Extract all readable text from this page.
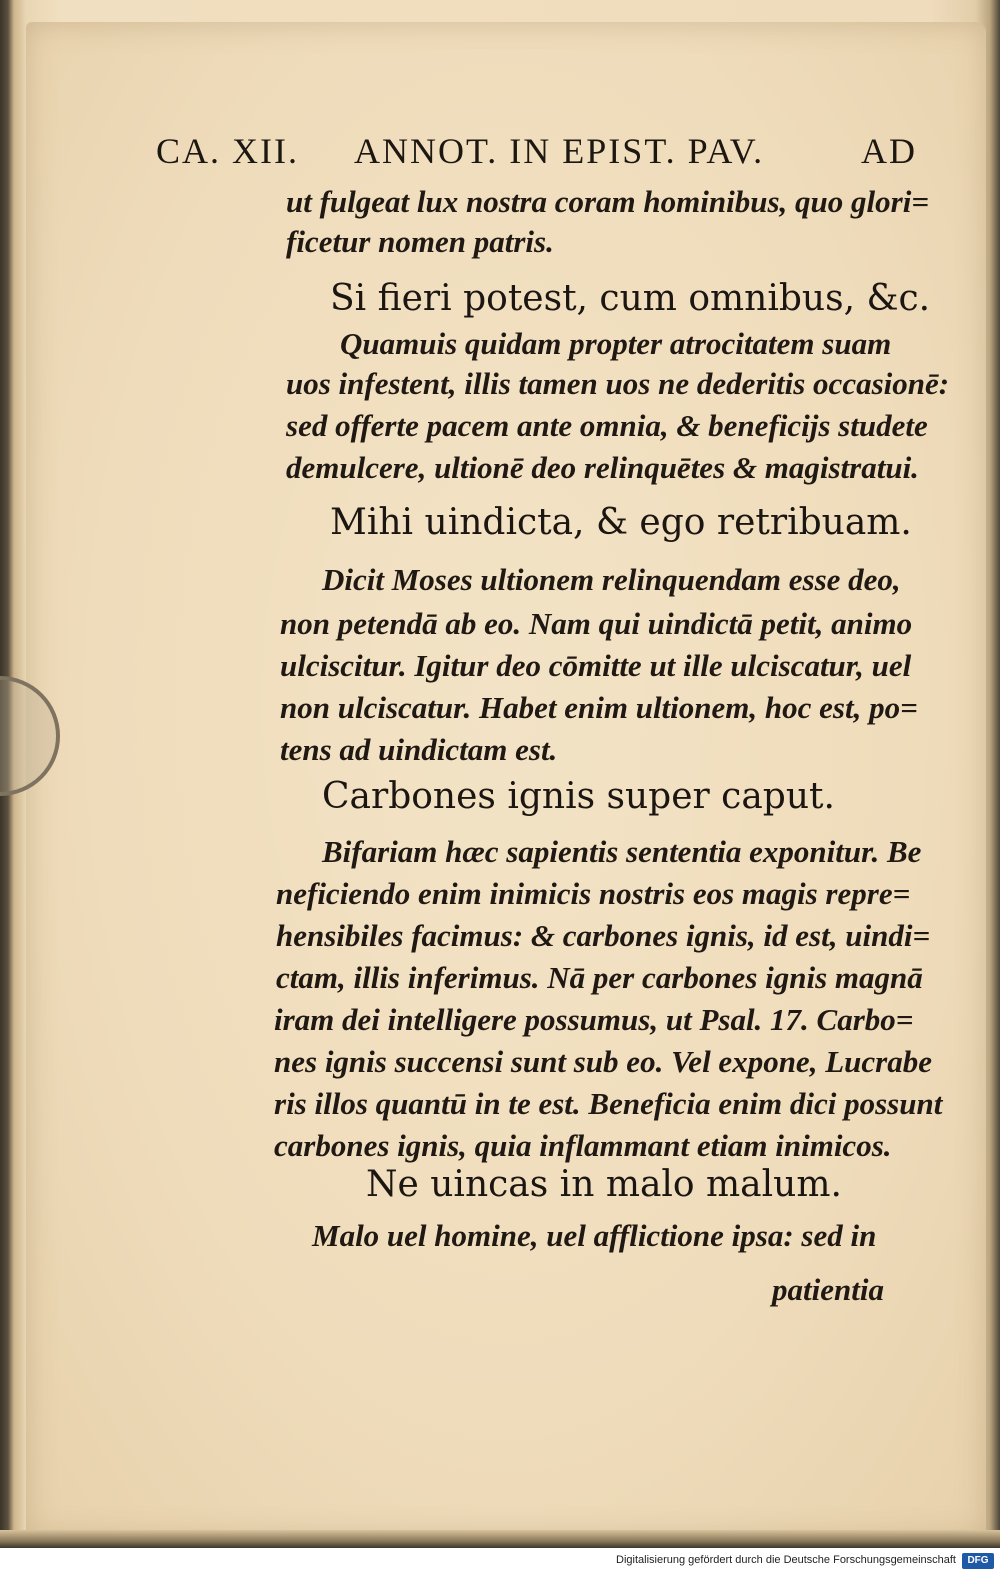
CA. XII. ANNOT. IN EPIST. PAV.	AD
ut fulgeat lux nostra coram hominibus, quo glori=
ficetur nomen patris.
Si fieri potest, cum omnibus, &c.
Quamuis quidam propter atrocitatem suam
uos infestent, illis tamen uos ne dederitis occasionē:
sed offerte pacem ante omnia, & beneficijs studete
demulcere, ultionē deo relinquētes & magistratui.
Mihi uindicta, & ego retribuam.
Dicit Moses ultionem relinquendam esse deo,
non petendā ab eo. Nam qui uindictā petit, animo
ulciscitur. Igitur deo cōmitte ut ille ulciscatur, uel
non ulciscatur. Habet enim ultionem, hoc est, po=
tens ad uindictam est.
Carbones ignis super caput.
Bifariam hæc sapientis sententia exponitur. Be
neficiendo enim inimicis nostris eos magis repre=
hensibiles facimus: & carbones ignis, id est, uindi=
ctam, illis inferimus. Nā per carbones ignis magnā
iram dei intelligere possumus, ut Psal. 17. Carbo=
nes ignis succensi sunt sub eo. Vel expone, Lucrabe
ris illos quantū in te est. Beneficia enim dici possunt
carbones ignis, quia inflammant etiam inimicos.
Ne uincas in malo malum.
Malo uel homine, uel afflictione ipsa: sed in
patientia
Digitalisierung gefördert durch die Deutsche Forschungsgemeinschaft	DFG
